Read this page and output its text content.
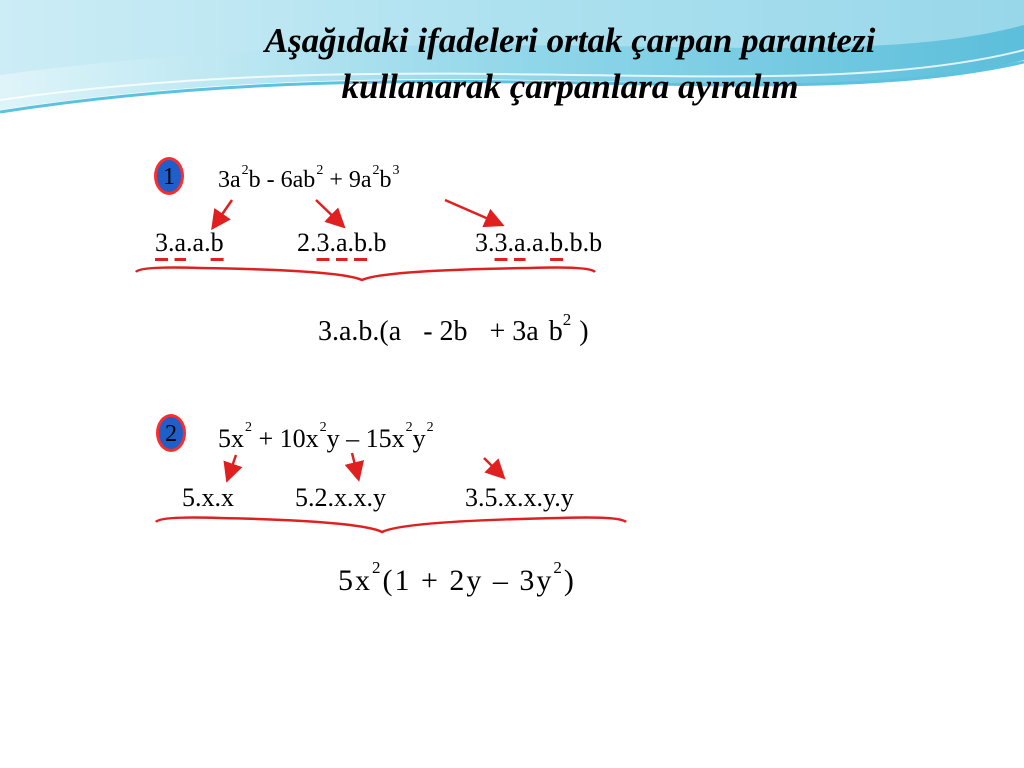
Aşağıdaki ifadeleri ortak çarpan parantezi
kullanarak çarpanlara ayıralım
1	$3a^2b - 6ab^2 + 9a^2b^3$
3.a.a.b	2.3.a.b.b	3.3.a.a.b.b.b
3.a.b.(a - 2b + 3a $b^2$ )
2	$5x^2 + 10x^2y - 15x^2y^2$
5.x.x 5.2.x.x.y	3.5.x.x.y.y
$5x^2(1 + 2y - 3y^2)$
